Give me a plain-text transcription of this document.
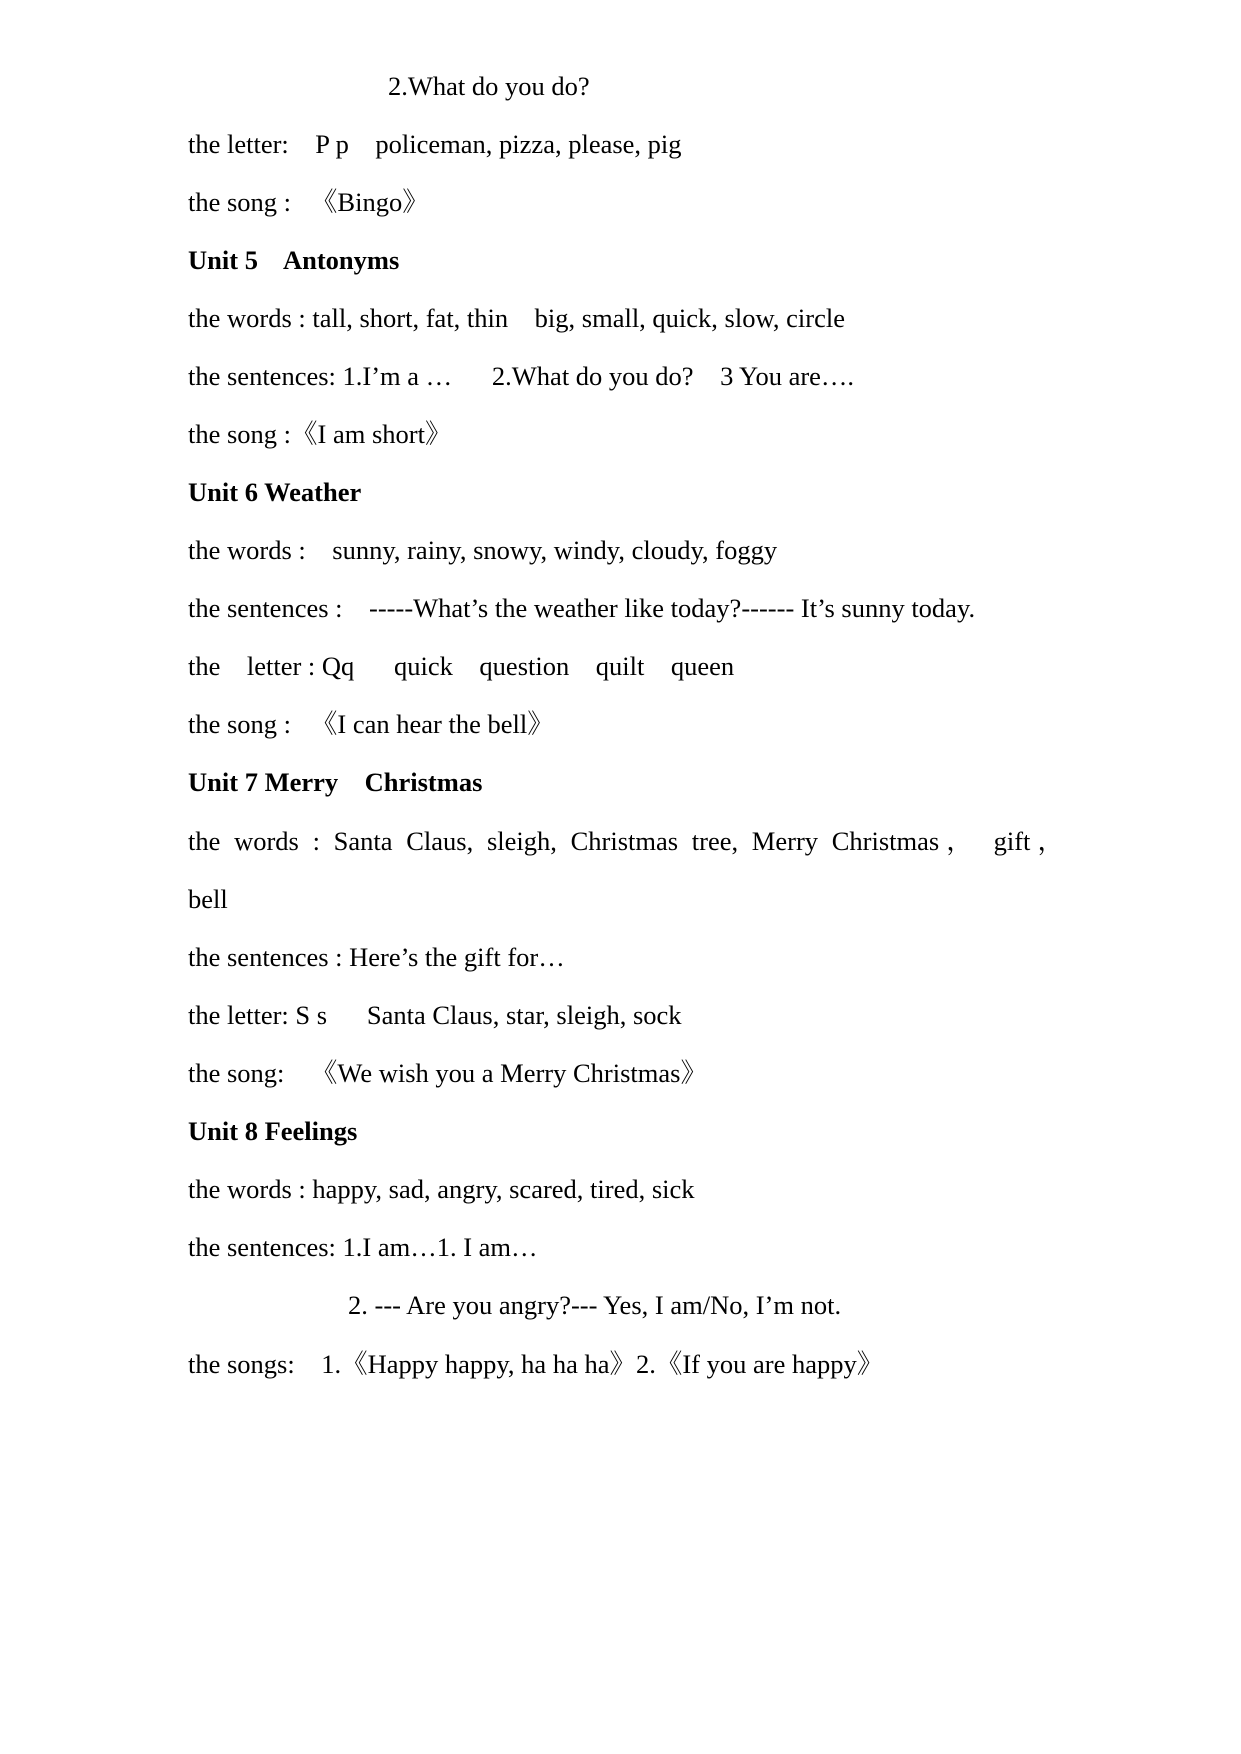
2.What do you do?
the letter:    P p    policeman, pizza, please, pig
the song :   《Bingo》
Unit 5    Antonyms
the words : tall, short, fat, thin    big, small, quick, slow, circle
the sentences: 1.I’m a …      2.What do you do?    3 You are….
the song :《I am short》
Unit 6 Weather
the words :    sunny, rainy, snowy, windy, cloudy, foggy
the sentences :    -----What’s the weather like today?------ It’s sunny today.
the    letter : Qq      quick    question    quilt    queen
the song :   《I can hear the bell》
Unit 7 Merry    Christmas
the words : Santa Claus, sleigh, Christmas tree, Merry Christmas， gift，
bell
the sentences : Here’s the gift for…
the letter: S s      Santa Claus, star, sleigh, sock
the song:    《We wish you a Merry Christmas》
Unit 8 Feelings
the words : happy, sad, angry, scared, tired, sick
the sentences: 1.I am…1. I am…
2. --- Are you angry?--- Yes, I am/No, I’m not.
the songs:    1.《Happy happy, ha ha ha》2.《If you are happy》
